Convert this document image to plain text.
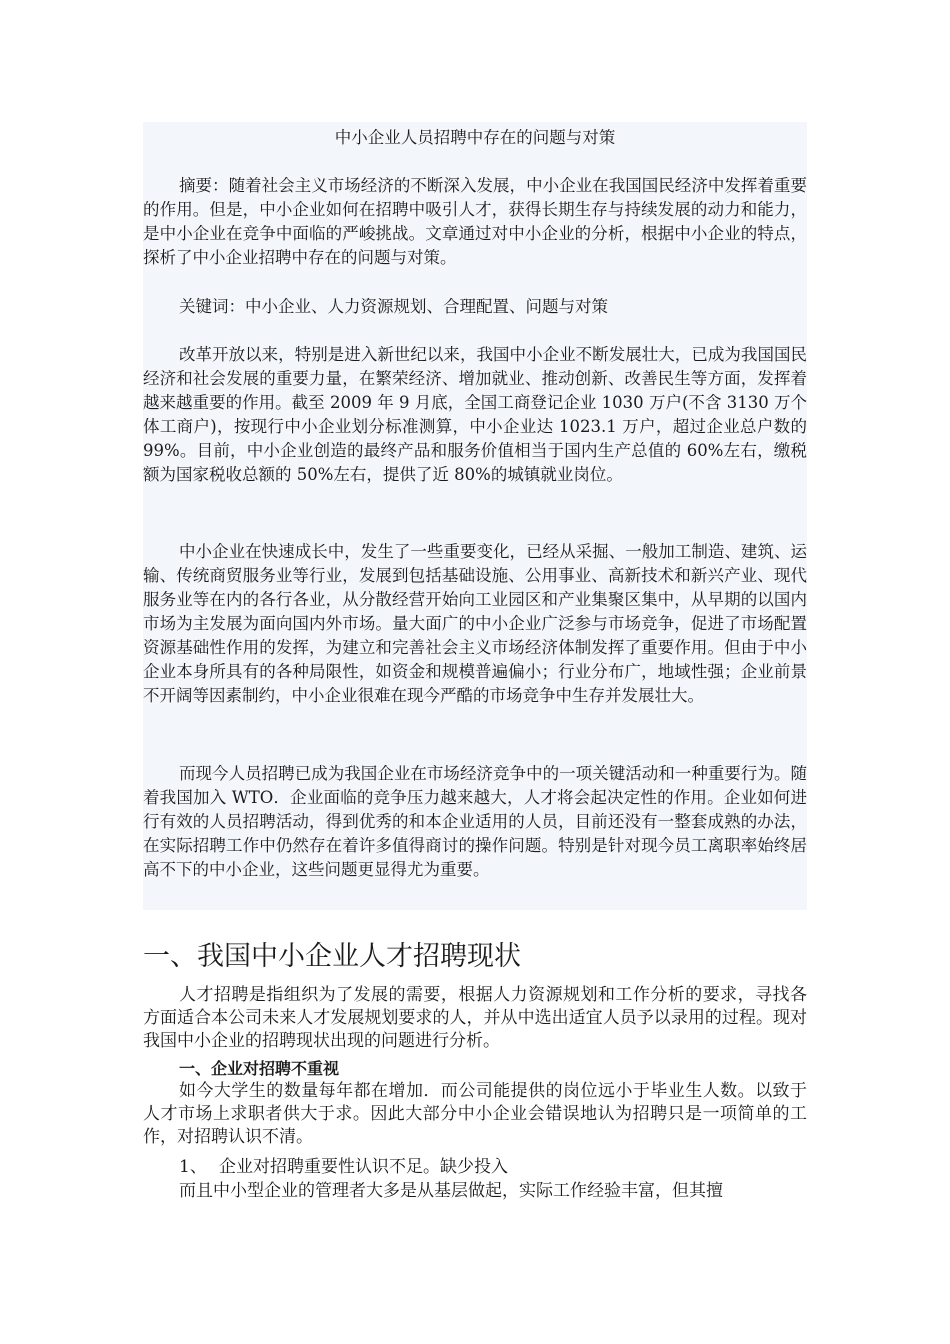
中小企业人员招聘中存在的问题与对策
摘要：随着社会主义市场经济的不断深入发展，中小企业在我国国民经济中发挥着重要的作用。但是，中小企业如何在招聘中吸引人才，获得长期生存与持续发展的动力和能力，是中小企业在竞争中面临的严峻挑战。文章通过对中小企业的分析，根据中小企业的特点，探析了中小企业招聘中存在的问题与对策。
关键词：中小企业、人力资源规划、合理配置、问题与对策
改革开放以来，特别是进入新世纪以来，我国中小企业不断发展壮大，已成为我国国民经济和社会发展的重要力量，在繁荣经济、增加就业、推动创新、改善民生等方面，发挥着越来越重要的作用。截至 2009 年 9 月底，全国工商登记企业 1030 万户(不含 3130 万个体工商户)，按现行中小企业划分标准测算，中小企业达 1023.1 万户，超过企业总户数的 99%。目前，中小企业创造的最终产品和服务价值相当于国内生产总值的 60%左右，缴税额为国家税收总额的 50%左右，提供了近 80%的城镇就业岗位。
中小企业在快速成长中，发生了一些重要变化，已经从采掘、一般加工制造、建筑、运输、传统商贸服务业等行业，发展到包括基础设施、公用事业、高新技术和新兴产业、现代服务业等在内的各行各业，从分散经营开始向工业园区和产业集聚区集中，从早期的以国内市场为主发展为面向国内外市场。量大面广的中小企业广泛参与市场竞争，促进了市场配置资源基础性作用的发挥，为建立和完善社会主义市场经济体制发挥了重要作用。但由于中小企业本身所具有的各种局限性，如资金和规模普遍偏小；行业分布广，地域性强；企业前景不开阔等因素制约，中小企业很难在现今严酷的市场竞争中生存并发展壮大。
而现今人员招聘已成为我国企业在市场经济竞争中的一项关键活动和一种重要行为。随着我国加入 WTO．企业面临的竞争压力越来越大，人才将会起决定性的作用。企业如何进行有效的人员招聘活动，得到优秀的和本企业适用的人员，目前还没有一整套成熟的办法，在实际招聘工作中仍然存在着许多值得商讨的操作问题。特别是针对现今员工离职率始终居高不下的中小企业，这些问题更显得尤为重要。
一、我国中小企业人才招聘现状
人才招聘是指组织为了发展的需要，根据人力资源规划和工作分析的要求，寻找各方面适合本公司未来人才发展规划要求的人，并从中选出适宜人员予以录用的过程。现对我国中小企业的招聘现状出现的问题进行分析。
一、企业对招聘不重视
如今大学生的数量每年都在增加．而公司能提供的岗位远小于毕业生人数。以致于人才市场上求职者供大于求。因此大部分中小企业会错误地认为招聘只是一项简单的工作，对招聘认识不清。
1、 企业对招聘重要性认识不足。缺少投入
而且中小型企业的管理者大多是从基层做起，实际工作经验丰富，但其擅
